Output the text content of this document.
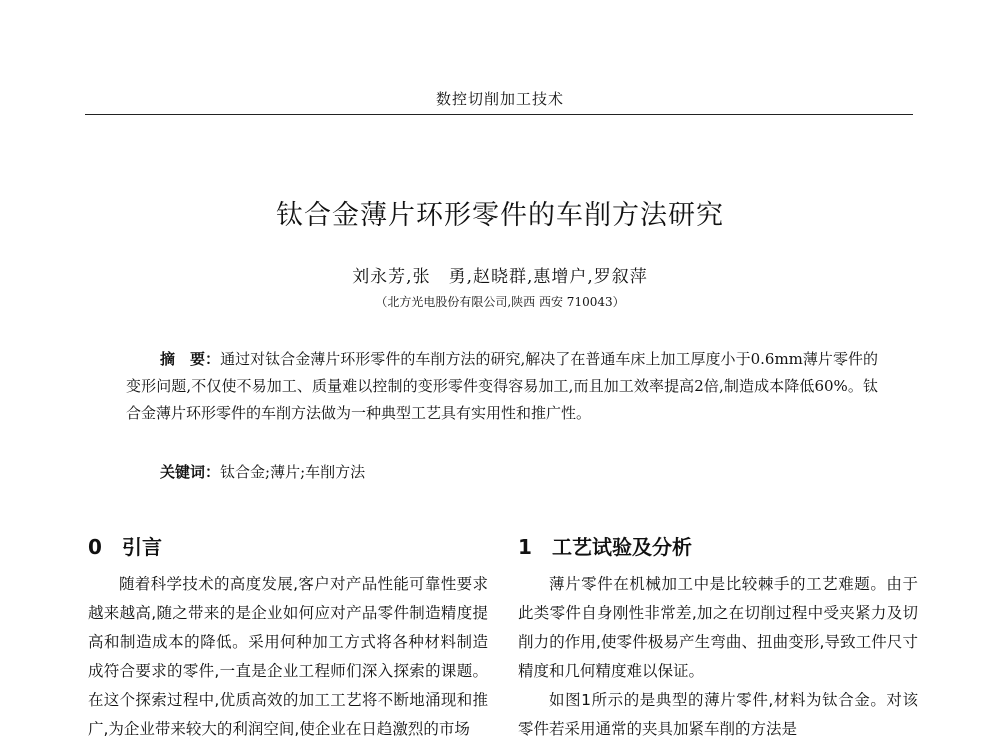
数控切削加工技术
钛合金薄片环形零件的车削方法研究
刘永芳,张　勇,赵晓群,惠增户,罗叙萍
（北方光电股份有限公司,陕西 西安 710043）
摘　要：通过对钛合金薄片环形零件的车削方法的研究,解决了在普通车床上加工厚度小于0.6mm薄片零件的变形问题,不仅使不易加工、质量难以控制的变形零件变得容易加工,而且加工效率提高2倍,制造成本降低60%。钛合金薄片环形零件的车削方法做为一种典型工艺具有实用性和推广性。
关键词：钛合金;薄片;车削方法
0 引言

随着科学技术的高度发展,客户对产品性能可靠性要求越来越高,随之带来的是企业如何应对产品零件制造精度提高和制造成本的降低。采用何种加工方式将各种材料制造成符合要求的零件,一直是企业工程师们深入探索的课题。在这个探索过程中,优质高效的加工工艺将不断地涌现和推广,为企业带来较大的利润空间,使企业在日趋激烈的市场

1 工艺试验及分析

薄片零件在机械加工中是比较棘手的工艺难题。由于此类零件自身刚性非常差,加之在切削过程中受夹紧力及切削力的作用,使零件极易产生弯曲、扭曲变形,导致工件尺寸精度和几何精度难以保证。

如图1所示的是典型的薄片零件,材料为钛合金。对该零件若采用通常的夹具加紧车削的方法是
